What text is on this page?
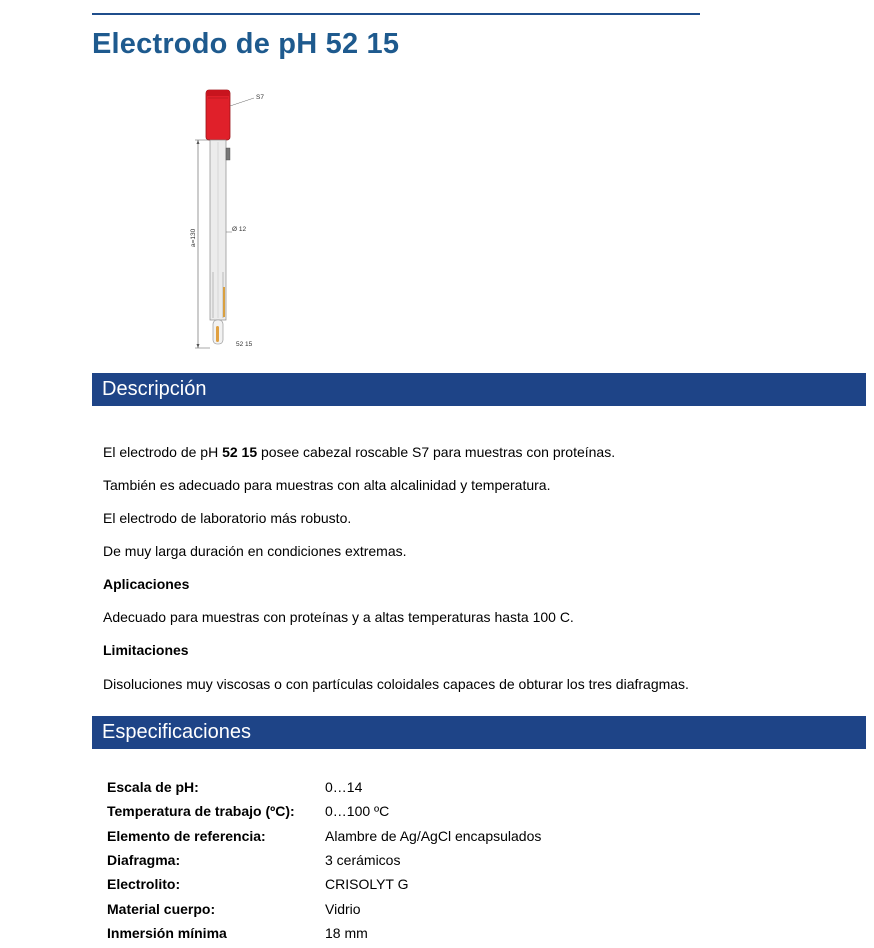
Electrodo de pH 52 15
S7
Ø 12
a=130
52 15
Descripción

El electrodo de pH 52 15 posee cabezal roscable S7 para muestras con proteínas.

También es adecuado para muestras con alta alcalinidad y temperatura.

El electrodo de laboratorio más robusto.

De muy larga duración en condiciones extremas.

Aplicaciones

Adecuado para muestras con proteínas y a altas temperaturas hasta 100 C.

Limitaciones

Disoluciones muy viscosas o con partículas coloidales capaces de obturar los tres diafragmas.

Especificaciones
Escala de pH:	0…14
Temperatura de trabajo (ºC):	0…100 ºC
Elemento de referencia:	Alambre de Ag/AgCl encapsulados
Diafragma:	3 cerámicos
Electrolito:	CRISOLYT G
Material cuerpo:	Vidrio
Inmersión mínima	18 mm
